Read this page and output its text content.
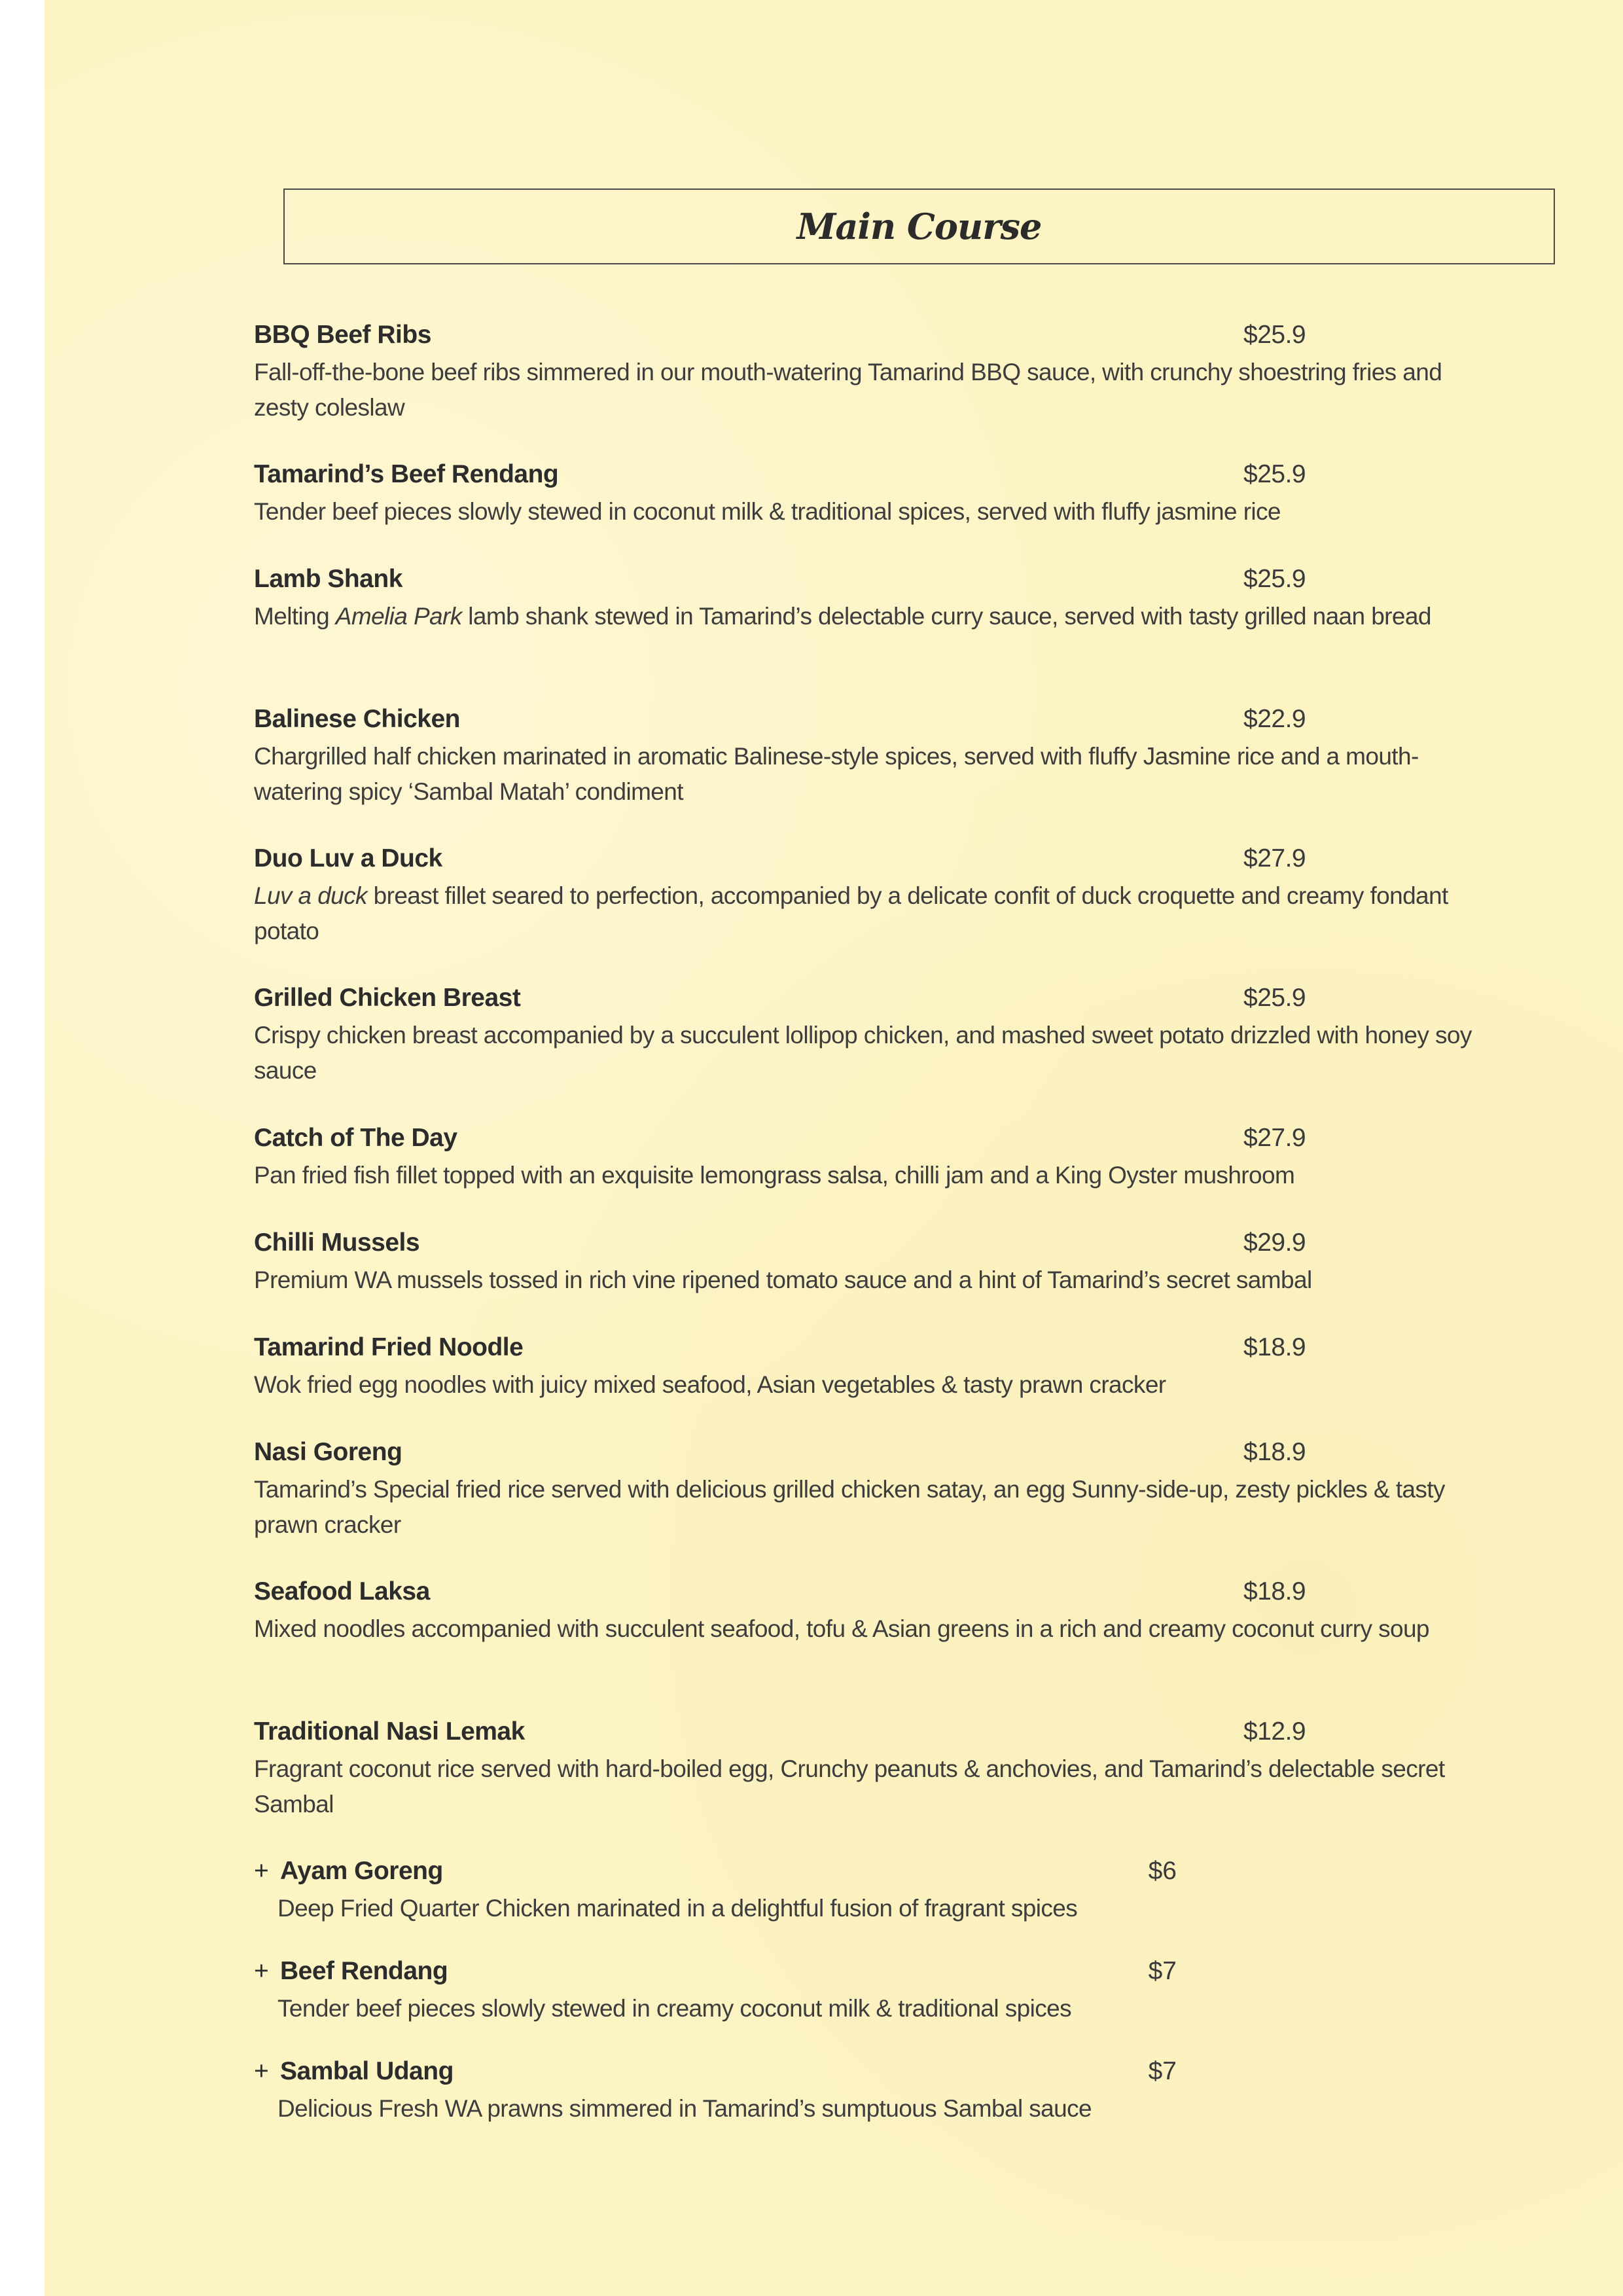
Main Course
BBQ Beef Ribs	$25.9
Fall-off-the-bone beef ribs simmered in our mouth-watering Tamarind BBQ sauce, with crunchy shoestring fries and zesty coleslaw
Tamarind’s Beef Rendang	$25.9
Tender beef pieces slowly stewed in coconut milk & traditional spices, served with fluffy jasmine rice
Lamb Shank	$25.9
Melting Amelia Park lamb shank stewed in Tamarind’s delectable curry sauce, served with tasty grilled naan bread
Balinese Chicken	$22.9
Chargrilled half chicken marinated in aromatic Balinese-style spices, served with fluffy Jasmine rice and a mouth-watering spicy ‘Sambal Matah’ condiment
Duo Luv a Duck	$27.9
Luv a duck breast fillet seared to perfection, accompanied by a delicate confit of duck croquette and creamy fondant potato
Grilled Chicken Breast	$25.9
Crispy chicken breast accompanied by a succulent lollipop chicken, and mashed sweet potato drizzled with honey soy sauce
Catch of The Day	$27.9
Pan fried fish fillet topped with an exquisite lemongrass salsa, chilli jam and a King Oyster mushroom
Chilli Mussels	$29.9
Premium WA mussels tossed in rich vine ripened tomato sauce and a hint of Tamarind’s secret sambal
Tamarind Fried Noodle	$18.9
Wok fried egg noodles with juicy mixed seafood, Asian vegetables & tasty prawn cracker
Nasi Goreng	$18.9
Tamarind’s Special fried rice served with delicious grilled chicken satay, an egg Sunny-side-up, zesty pickles & tasty prawn cracker
Seafood Laksa	$18.9
Mixed noodles accompanied with succulent seafood, tofu & Asian greens in a rich and creamy coconut curry soup
Traditional Nasi Lemak	$12.9
Fragrant coconut rice served with hard-boiled egg, Crunchy peanuts & anchovies, and Tamarind’s delectable secret Sambal
+ Ayam Goreng	$6
Deep Fried Quarter Chicken marinated in a delightful fusion of fragrant spices
+ Beef Rendang	$7
Tender beef pieces slowly stewed in creamy coconut milk & traditional spices
+ Sambal Udang	$7
Delicious Fresh WA prawns simmered in Tamarind’s sumptuous Sambal sauce
